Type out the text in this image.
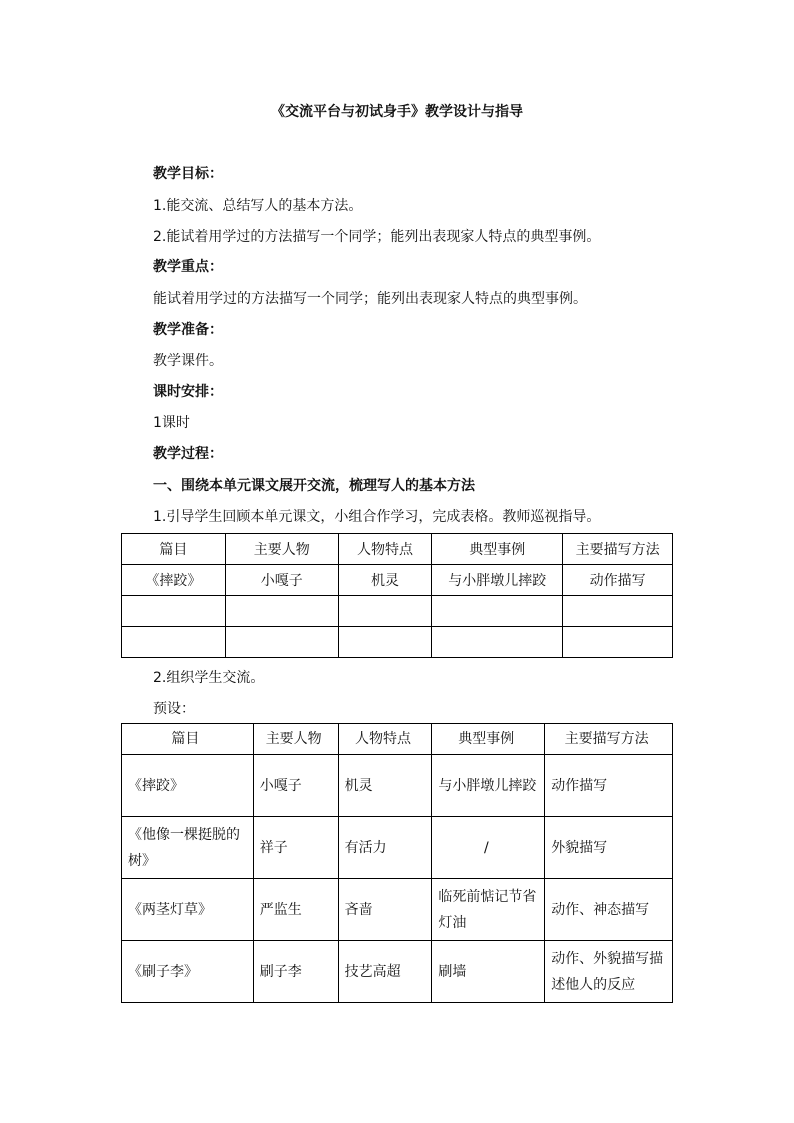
《交流平台与初试身手》教学设计与指导
教学目标：
1.能交流、总结写人的基本方法。
2.能试着用学过的方法描写一个同学；能列出表现家人特点的典型事例。
教学重点：
能试着用学过的方法描写一个同学；能列出表现家人特点的典型事例。
教学准备：
教学课件。
课时安排：
1课时
教学过程：
一、围绕本单元课文展开交流，梳理写人的基本方法
1.引导学生回顾本单元课文，小组合作学习，完成表格。教师巡视指导。
篇目	主要人物	人物特点	典型事例	主要描写方法
《摔跤》	小嘎子	机灵	与小胖墩儿摔跤	动作描写

2.组织学生交流。
预设：
篇目	主要人物	人物特点	典型事例	主要描写方法
《摔跤》	小嘎子	机灵	与小胖墩儿摔跤	动作描写
《他像一棵挺脱的树》	祥子	有活力	/	外貌描写
《两茎灯草》	严监生	吝啬	临死前惦记节省灯油	动作、神态描写
《刷子李》	刷子李	技艺高超	刷墙	动作、外貌描写描述他人的反应
